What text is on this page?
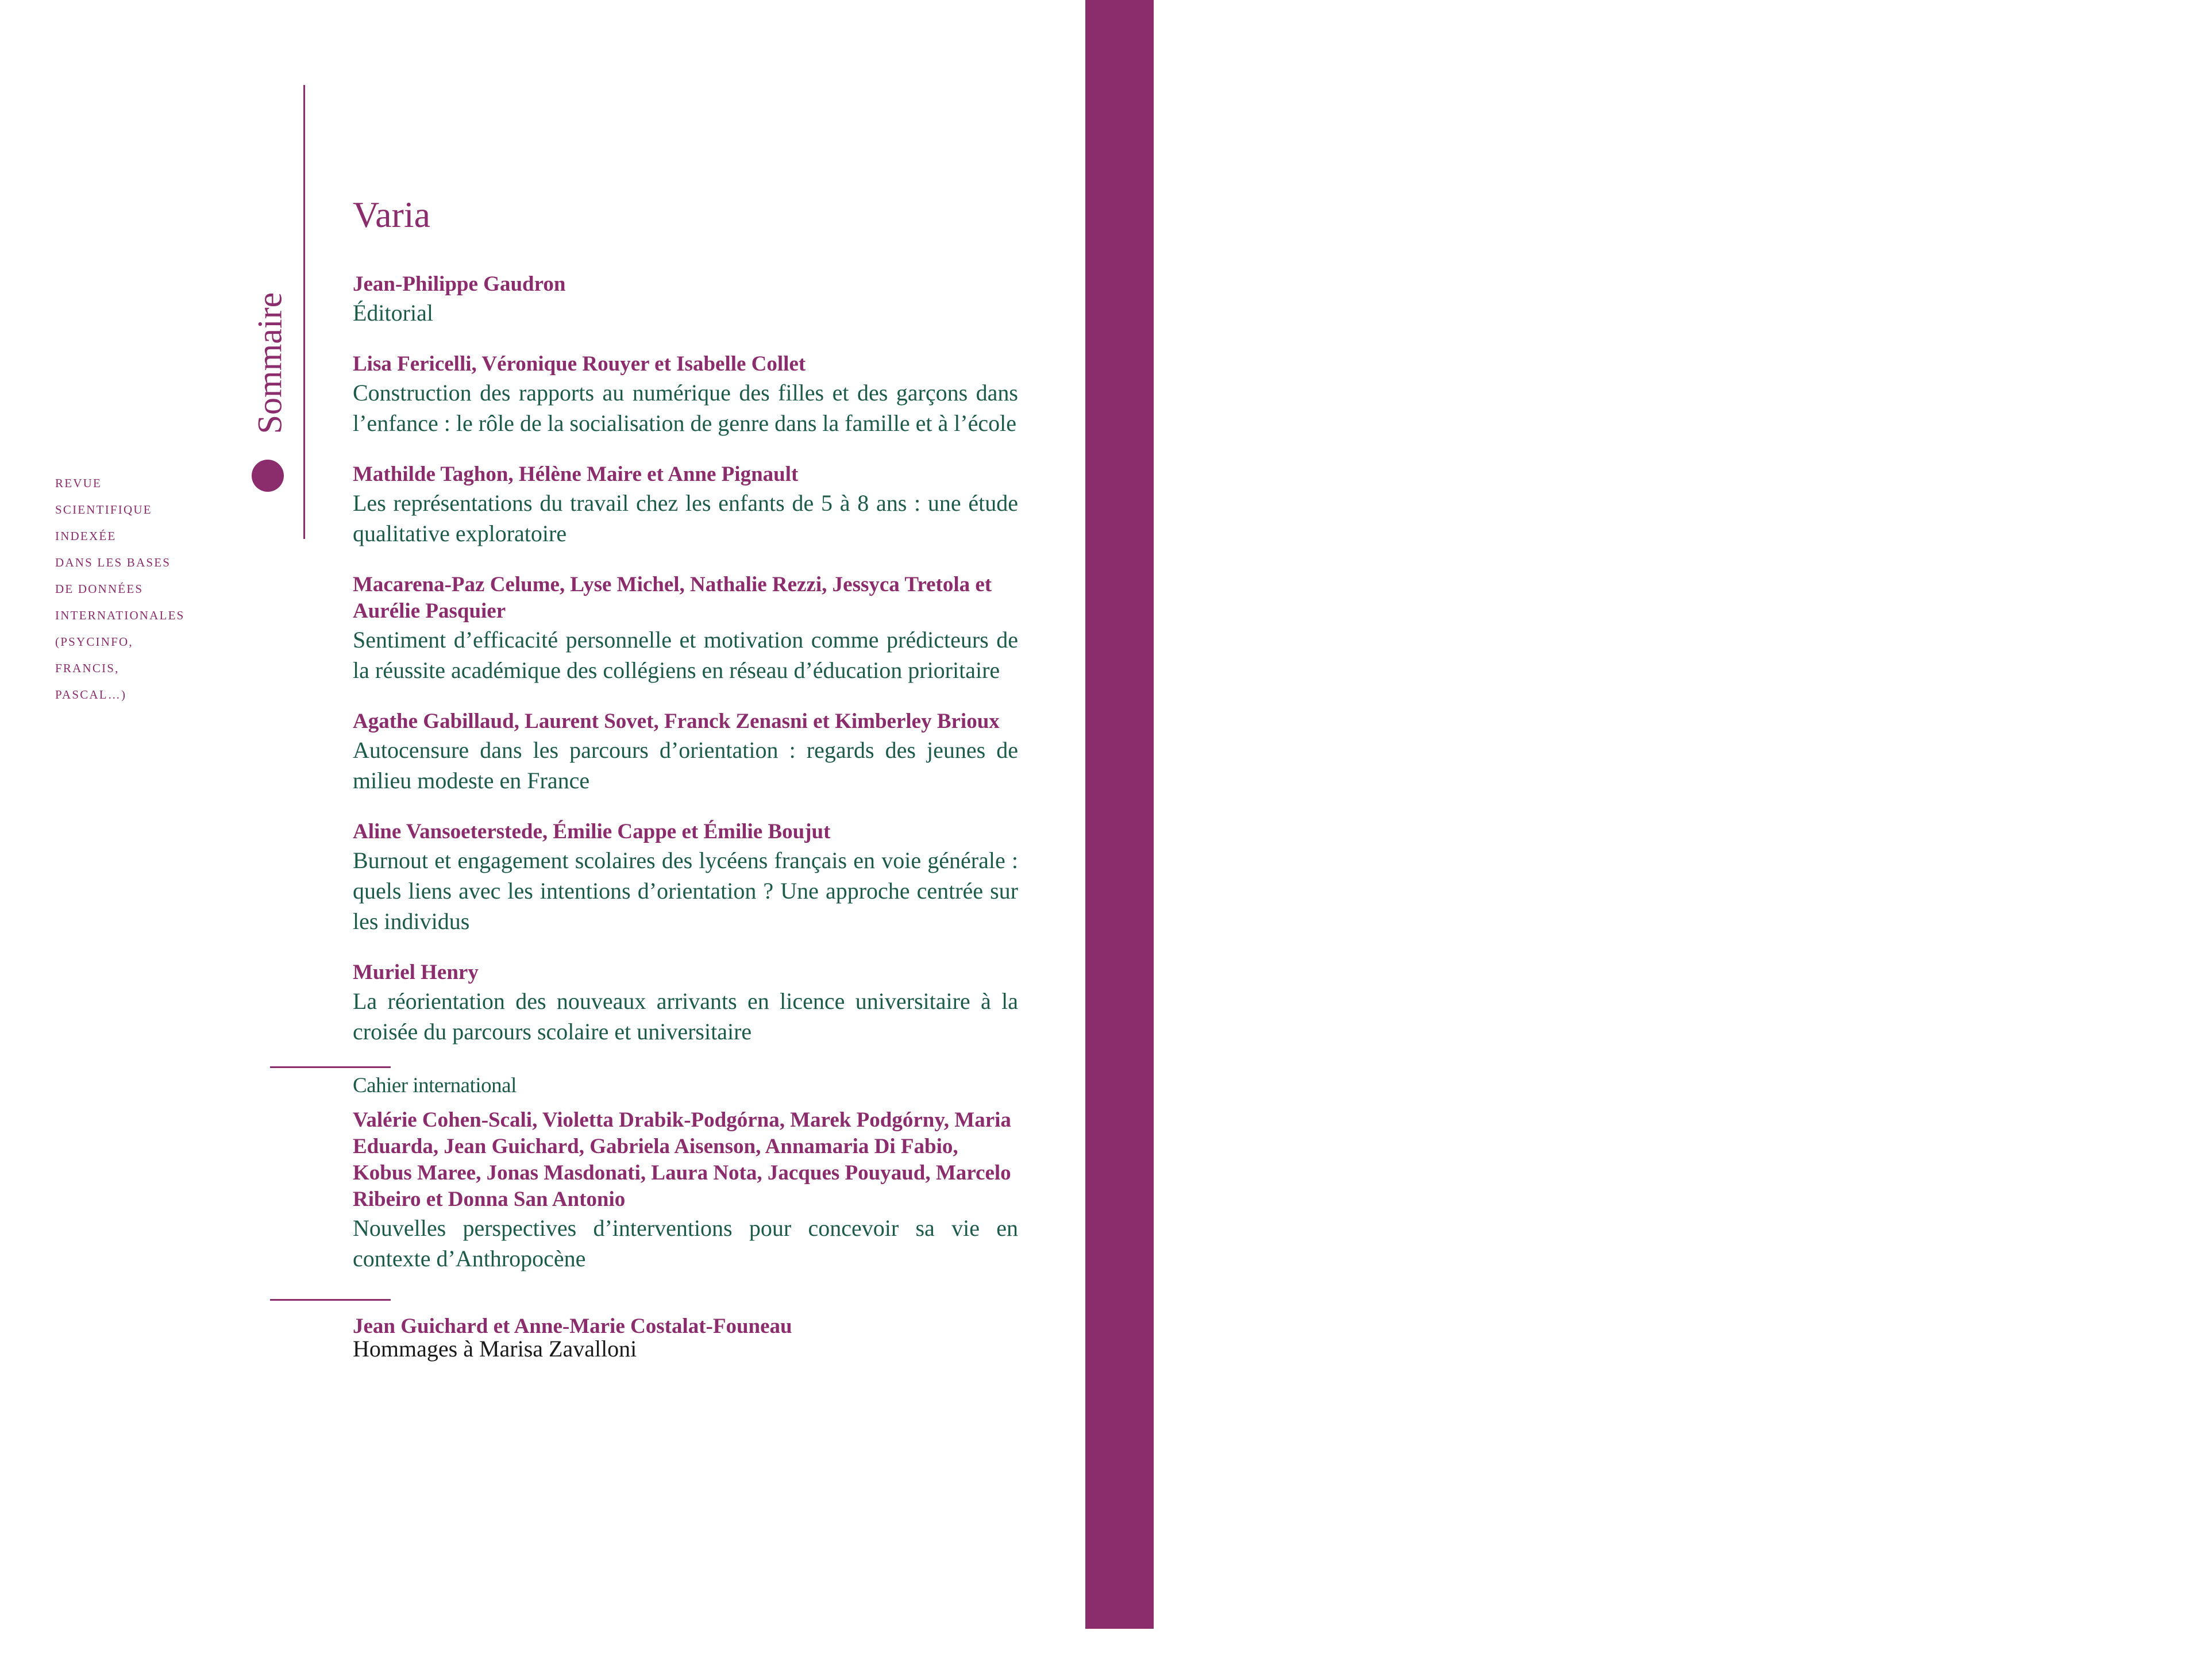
conception graphique / patricia chapuis 2008
Sommaire
REVUE
SCIENTIFIQUE
INDEXÉE
DANS LES BASES
DE DONNÉES
INTERNATIONALES
(PSYCINFO,
FRANCIS,
PASCAL…)
Varia
Jean-Philippe Gaudron
Éditorial
Lisa Fericelli, Véronique Rouyer et Isabelle Collet
Construction des rapports au numérique des filles et des garçons dans l’enfance : le rôle de la socialisation de genre dans la famille et à l’école
Mathilde Taghon, Hélène Maire et Anne Pignault
Les représentations du travail chez les enfants de 5 à 8 ans : une étude qualitative exploratoire
Macarena-Paz Celume, Lyse Michel, Nathalie Rezzi, Jessyca Tretola et Aurélie Pasquier
Sentiment d’efficacité personnelle et motivation comme prédicteurs de la réussite académique des collégiens en réseau d’éducation prioritaire
Agathe Gabillaud, Laurent Sovet, Franck Zenasni et Kimberley Brioux
Autocensure dans les parcours d’orientation : regards des jeunes de milieu modeste en France
Aline Vansoeterstede, Émilie Cappe et Émilie Boujut
Burnout et engagement scolaires des lycéens français en voie générale : quels liens avec les intentions d’orientation ? Une approche centrée sur les individus
Muriel Henry
La réorientation des nouveaux arrivants en licence universitaire à la croisée du parcours scolaire et universitaire
Cahier international
Valérie Cohen-Scali, Violetta Drabik-Podgórna, Marek Podgórny, Maria Eduarda, Jean Guichard, Gabriela Aisenson, Annamaria Di Fabio, Kobus Maree, Jonas Masdonati, Laura Nota, Jacques Pouyaud, Marcelo Ribeiro et Donna San Antonio
Nouvelles perspectives d’interventions pour concevoir sa vie en contexte d’Anthropocène
Jean Guichard et Anne-Marie Costalat-Founeau
Hommages à Marisa Zavalloni
